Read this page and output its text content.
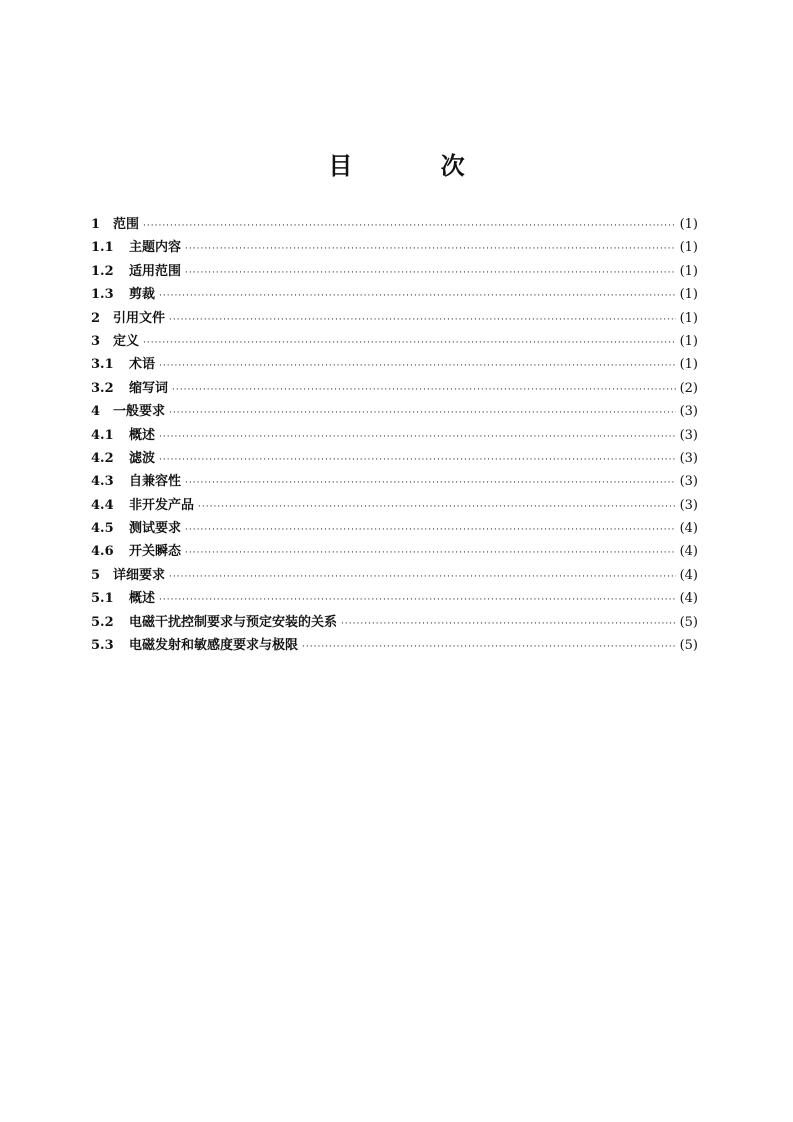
目 次
1 范围 ·····	(1)
1.1	主题内容 ·····	(1)
1.2	适用范围 ·····	(1)
1.3	剪裁 ·····	(1)
2 引用文件 ·····	(1)
3 定义 ·····	(1)
3.1	术语 ·····	(1)
3.2	缩写词 ·····	(2)
4 一般要求 ·····	(3)
4.1	概述 ·····	(3)
4.2	滤波 ·····	(3)
4.3	自兼容性 ·····	(3)
4.4	非开发产品 ·····	(3)
4.5	测试要求 ·····	(4)
4.6	开关瞬态 ·····	(4)
5 详细要求 ·····	(4)
5.1	概述 ·····	(4)
5.2	电磁干扰控制要求与预定安装的关系 ·····	(5)
5.3	电磁发射和敏感度要求与极限 ·····	(5)
